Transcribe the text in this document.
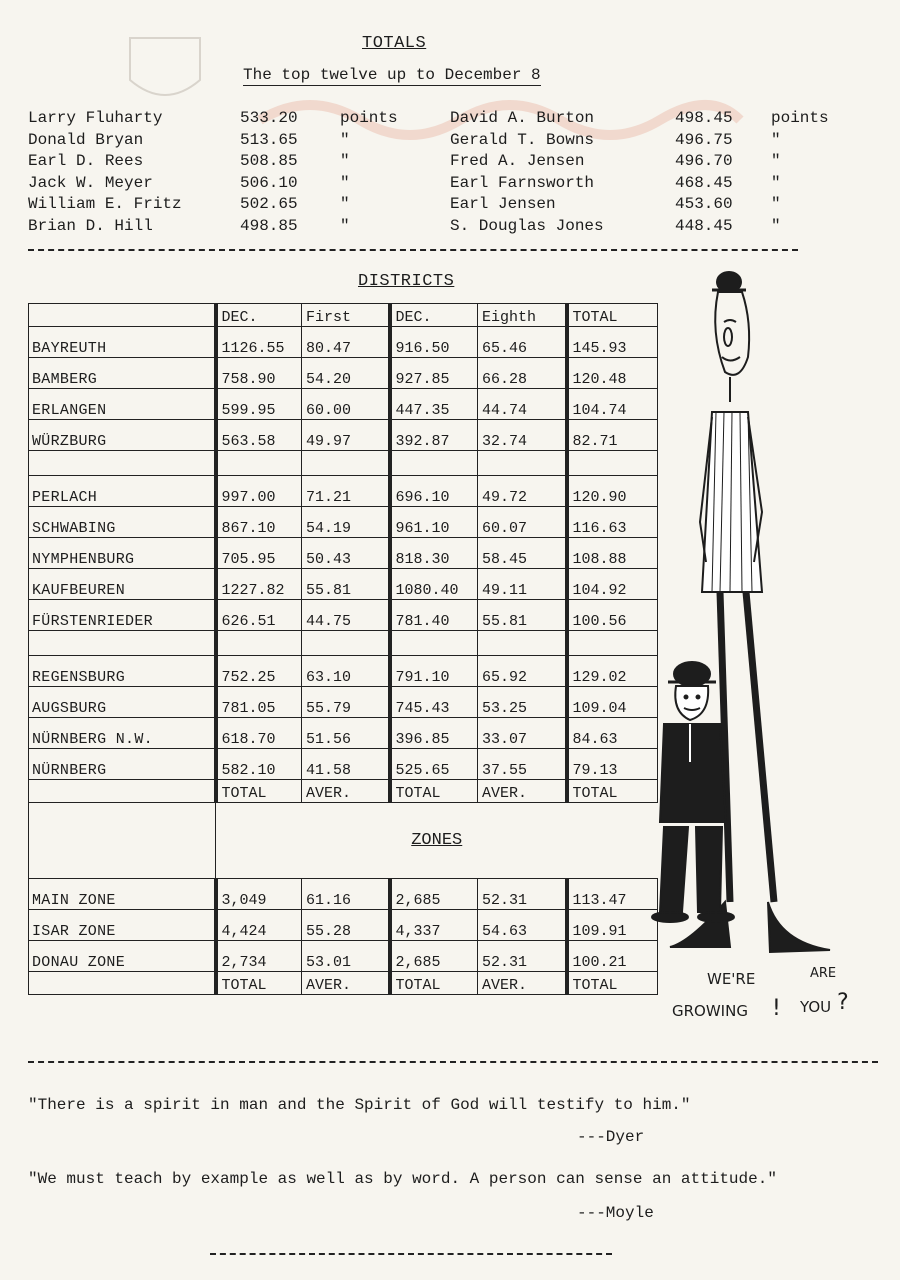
TOTALS
The top twelve up to December 8
Larry Fluharty	533.20	points
Donald Bryan	513.65	"
Earl D. Rees	508.85	"
Jack W. Meyer	506.10	"
William E. Fritz	502.65	"
Brian D. Hill	498.85	"
David A. Burton	498.45	points
Gerald T. Bowns	496.75	"
Fred A. Jensen	496.70	"
Earl Farnsworth	468.45	"
Earl Jensen	453.60	"
S. Douglas Jones	448.45	"
DISTRICTS
	DEC.	First	DEC.	Eighth	TOTAL
BAYREUTH	1126.55	80.47	916.50	65.46	145.93
BAMBERG	758.90	54.20	927.85	66.28	120.48
ERLANGEN	599.95	60.00	447.35	44.74	104.74
WÜRZBURG	563.58	49.97	392.87	32.74	82.71

PERLACH	997.00	71.21	696.10	49.72	120.90
SCHWABING	867.10	54.19	961.10	60.07	116.63
NYMPHENBURG	705.95	50.43	818.30	58.45	108.88
KAUFBEUREN	1227.82	55.81	1080.40	49.11	104.92
FÜRSTENRIEDER	626.51	44.75	781.40	55.81	100.56

REGENSBURG	752.25	63.10	791.10	65.92	129.02
AUGSBURG	781.05	55.79	745.43	53.25	109.04
NÜRNBERG N.W.	618.70	51.56	396.85	33.07	84.63
NÜRNBERG	582.10	41.58	525.65	37.55	79.13
	TOTAL	AVER.	TOTAL	AVER.	TOTAL
	ZONES				
MAIN ZONE	3,049	61.16	2,685	52.31	113.47
ISAR ZONE	4,424	55.28	4,337	54.63	109.91
DONAU ZONE	2,734	53.01	2,685	52.31	100.21
	TOTAL	AVER.	TOTAL	AVER.	TOTAL	WE'RE	ARE
GROWING ! YOU ?
"There is a spirit in man and the Spirit of God will testify to him."
---Dyer
"We must teach by example as well as by word. A person can sense an attitude."
---Moyle
